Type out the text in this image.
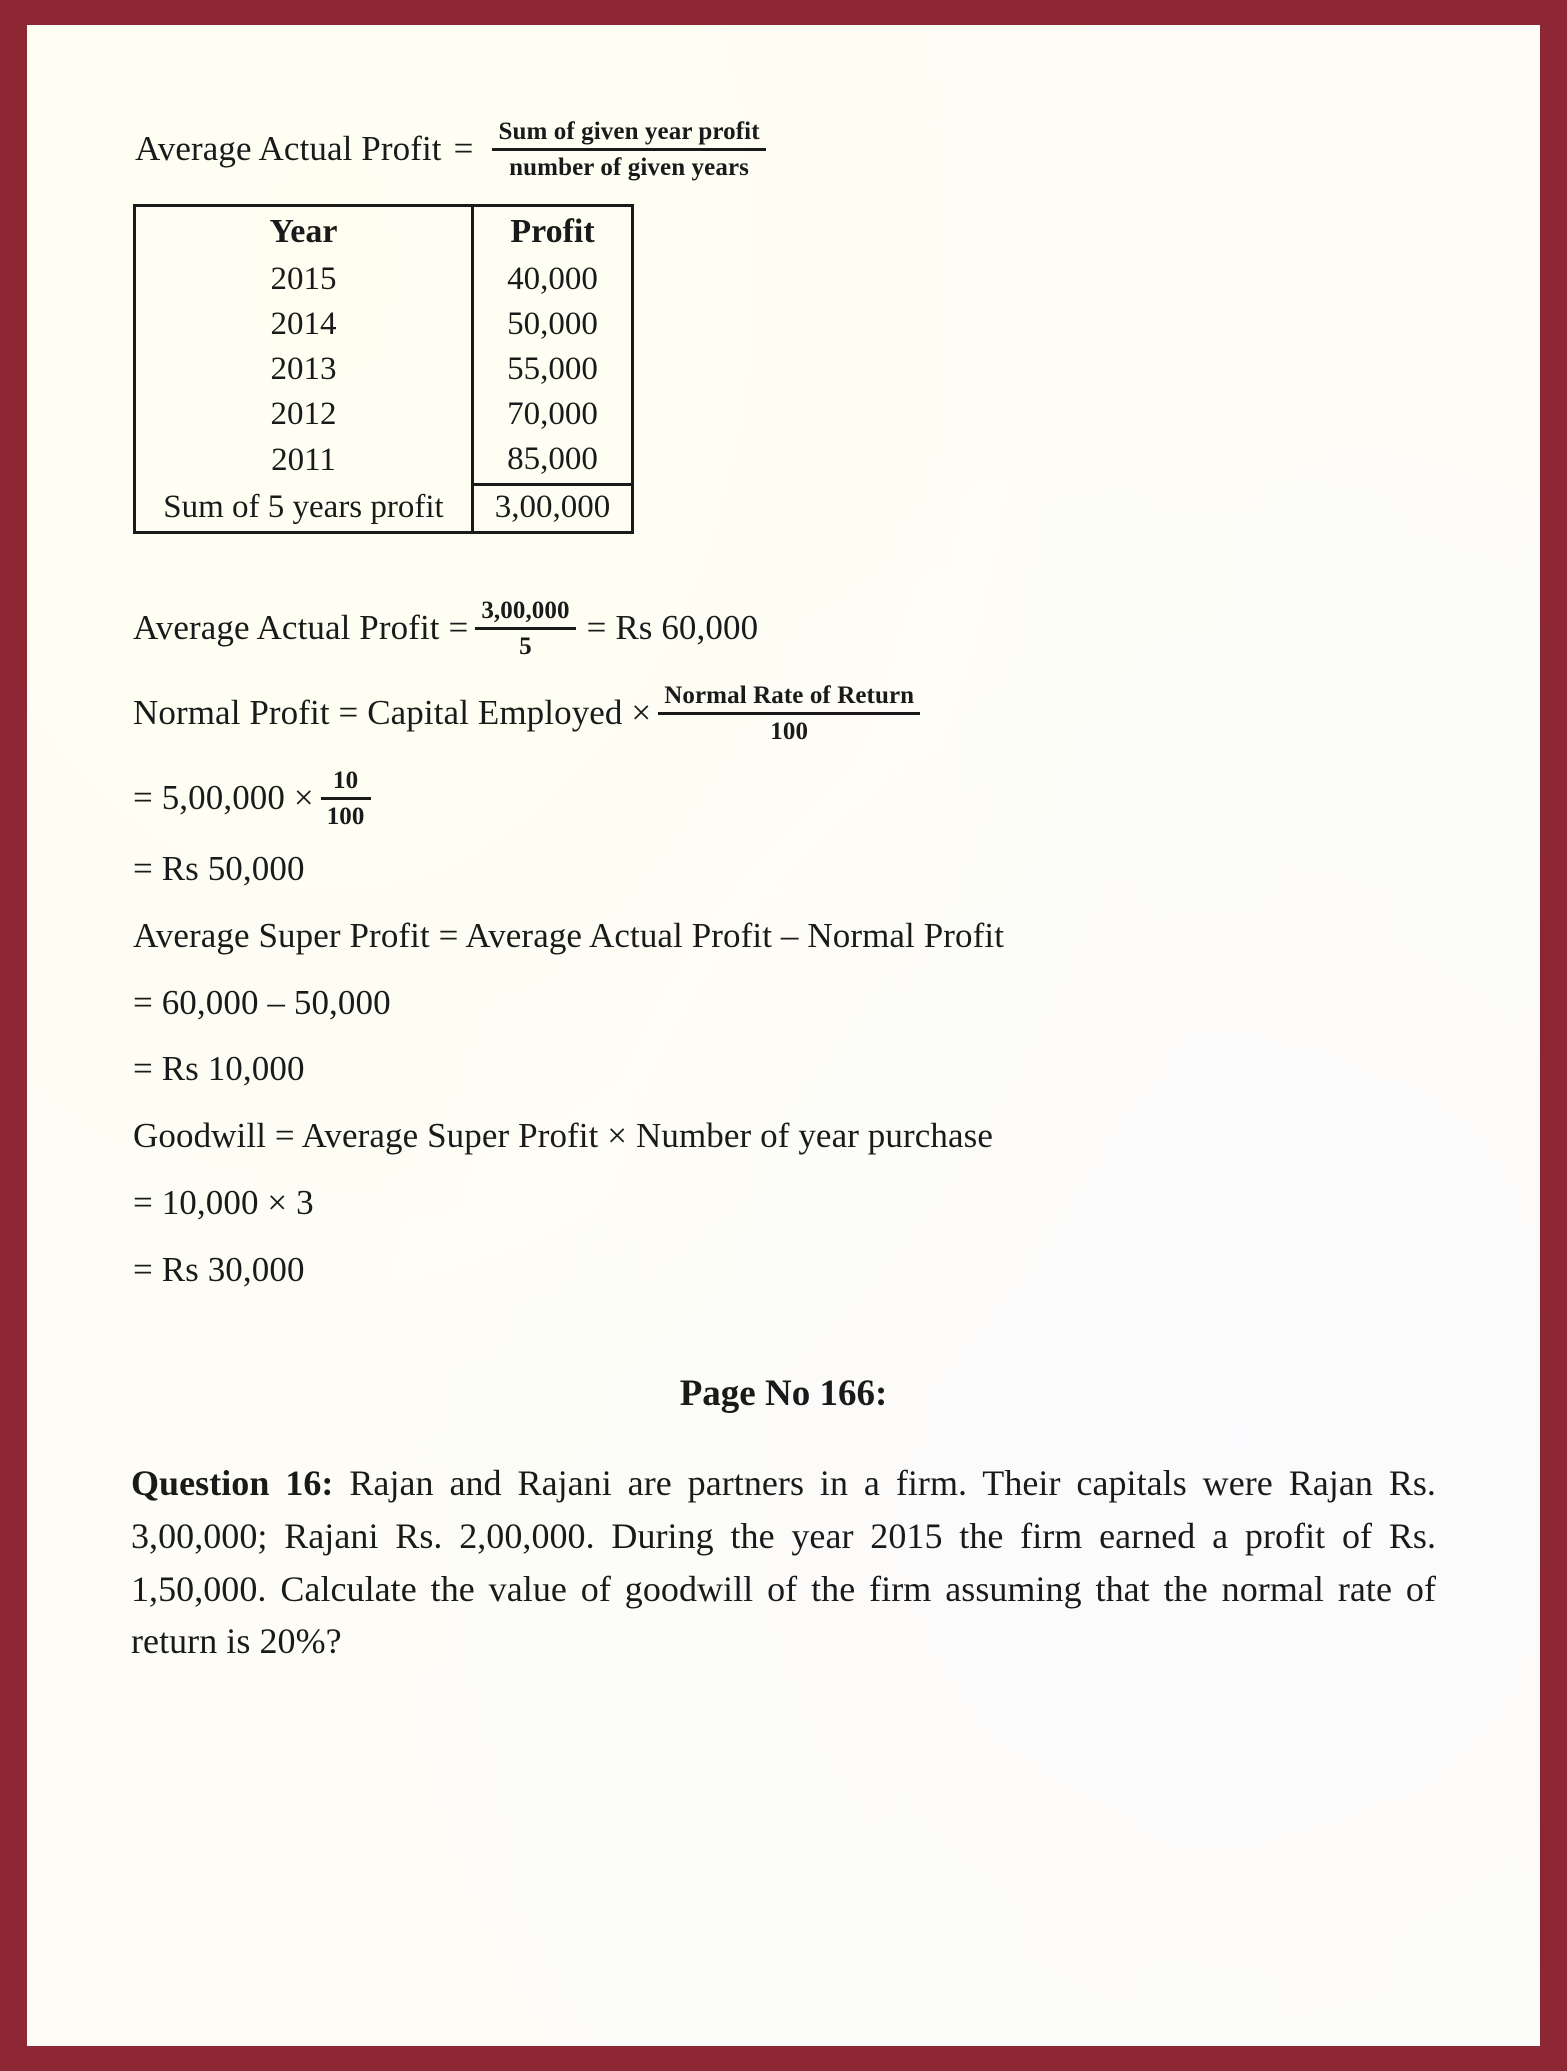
Average Actual Profit = $\frac{\text{Sum of given year profit}}{\text{number of given years}}$
Year	Profit
2015	40,000
2014	50,000
2013	55,000
2012	70,000
2011	85,000
Sum of 5 years profit	3,00,000
Average Actual Profit = $\frac{3,00,000}{5} = Rs$ 60,000
Normal Profit = Capital Employed × $\frac{\text{Normal Rate of Return}}{100}$
= $5,00,000 \times \frac{10}{100}$
= Rs 50,000
Average Super Profit = Average Actual Profit – Normal Profit
= 60,000 – 50,000
= Rs 10,000
Goodwill = Average Super Profit × Number of year purchase
= 10,000 × 3
= Rs 30,000
Page No 166:

Question 16: Rajan and Rajani are partners in a firm. Their capitals were Rajan Rs. 3,00,000; Rajani Rs. 2,00,000. During the year 2015 the firm earned a profit of Rs. 1,50,000. Calculate the value of goodwill of the firm assuming that the normal rate of return is 20%?
